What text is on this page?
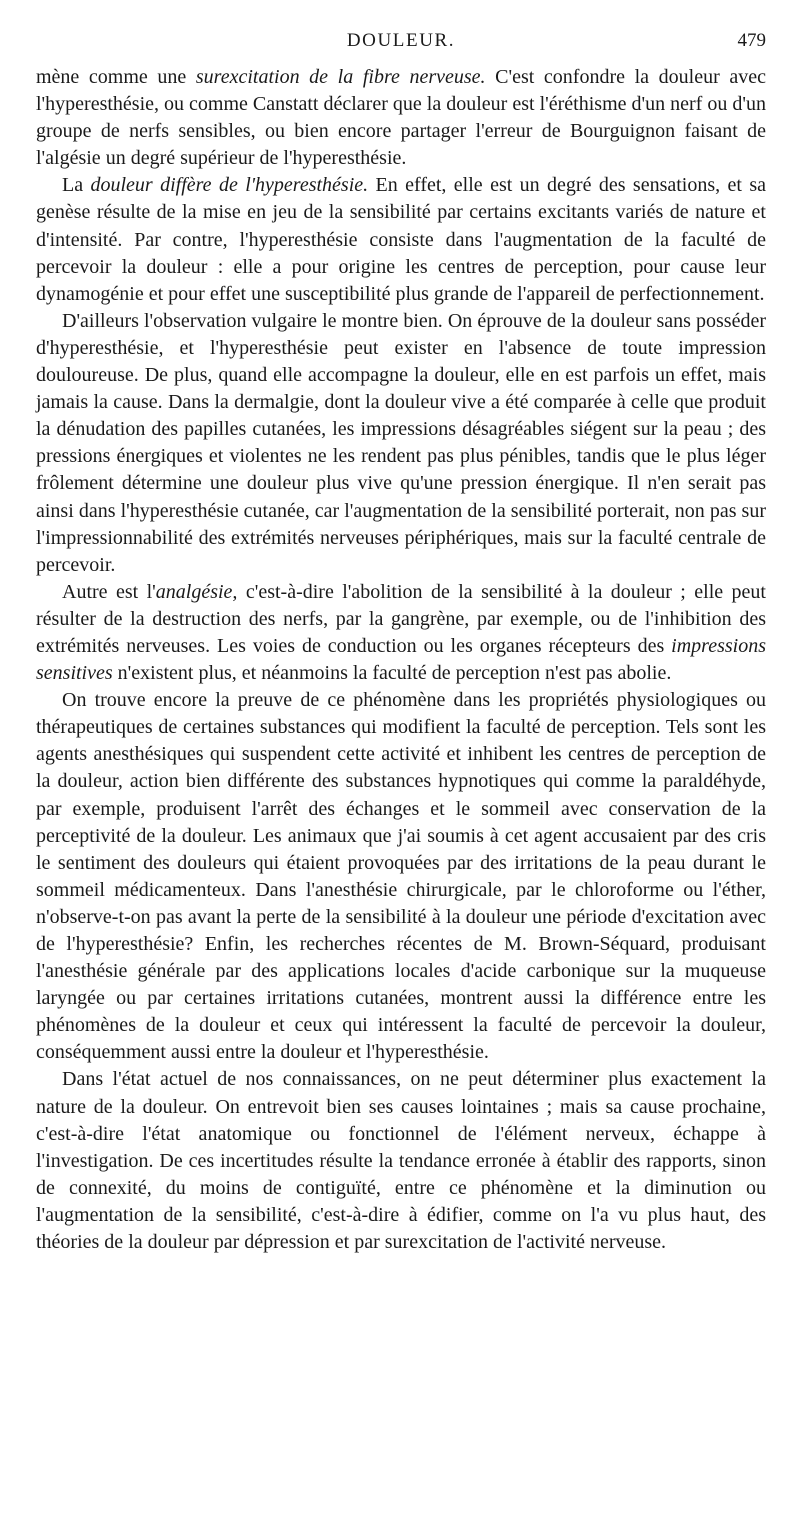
DOULEUR.	479

mène comme une surexcitation de la fibre nerveuse. C'est confondre la douleur avec l'hyperesthésie, ou comme Canstatt déclarer que la douleur est l'éréthisme d'un nerf ou d'un groupe de nerfs sensibles, ou bien encore partager l'erreur de Bourguignon faisant de l'algésie un degré supérieur de l'hyperesthésie.

La douleur diffère de l'hyperesthésie. En effet, elle est un degré des sensations, et sa genèse résulte de la mise en jeu de la sensibilité par certains excitants variés de nature et d'intensité. Par contre, l'hyperesthésie consiste dans l'augmentation de la faculté de percevoir la douleur : elle a pour origine les centres de perception, pour cause leur dynamogénie et pour effet une susceptibilité plus grande de l'appareil de perfectionnement.

D'ailleurs l'observation vulgaire le montre bien. On éprouve de la douleur sans posséder d'hyperesthésie, et l'hyperesthésie peut exister en l'absence de toute impression douloureuse. De plus, quand elle accompagne la douleur, elle en est parfois un effet, mais jamais la cause. Dans la dermalgie, dont la douleur vive a été comparée à celle que produit la dénudation des papilles cutanées, les impressions désagréables siégent sur la peau ; des pressions énergiques et violentes ne les rendent pas plus pénibles, tandis que le plus léger frôlement détermine une douleur plus vive qu'une pression énergique. Il n'en serait pas ainsi dans l'hyperesthésie cutanée, car l'augmentation de la sensibilité porterait, non pas sur l'impressionnabilité des extrémités nerveuses périphériques, mais sur la faculté centrale de percevoir.

Autre est l'analgésie, c'est-à-dire l'abolition de la sensibilité à la douleur ; elle peut résulter de la destruction des nerfs, par la gangrène, par exemple, ou de l'inhibition des extrémités nerveuses. Les voies de conduction ou les organes récepteurs des impressions sensitives n'existent plus, et néanmoins la faculté de perception n'est pas abolie.

On trouve encore la preuve de ce phénomène dans les propriétés physiologiques ou thérapeutiques de certaines substances qui modifient la faculté de perception. Tels sont les agents anesthésiques qui suspendent cette activité et inhibent les centres de perception de la douleur, action bien différente des substances hypnotiques qui comme la paraldéhyde, par exemple, produisent l'arrêt des échanges et le sommeil avec conservation de la perceptivité de la douleur. Les animaux que j'ai soumis à cet agent accusaient par des cris le sentiment des douleurs qui étaient provoquées par des irritations de la peau durant le sommeil médicamenteux. Dans l'anesthésie chirurgicale, par le chloroforme ou l'éther, n'observe-t-on pas avant la perte de la sensibilité à la douleur une période d'excitation avec de l'hyperesthésie? Enfin, les recherches récentes de M. Brown-Séquard, produisant l'anesthésie générale par des applications locales d'acide carbonique sur la muqueuse laryngée ou par certaines irritations cutanées, montrent aussi la différence entre les phénomènes de la douleur et ceux qui intéressent la faculté de percevoir la douleur, conséquemment aussi entre la douleur et l'hyperesthésie.

Dans l'état actuel de nos connaissances, on ne peut déterminer plus exactement la nature de la douleur. On entrevoit bien ses causes lointaines ; mais sa cause prochaine, c'est-à-dire l'état anatomique ou fonctionnel de l'élément nerveux, échappe à l'investigation. De ces incertitudes résulte la tendance erronée à établir des rapports, sinon de connexité, du moins de contiguïté, entre ce phénomène et la diminution ou l'augmentation de la sensibilité, c'est-à-dire à édifier, comme on l'a vu plus haut, des théories de la douleur par dépression et par surexcitation de l'activité nerveuse.
